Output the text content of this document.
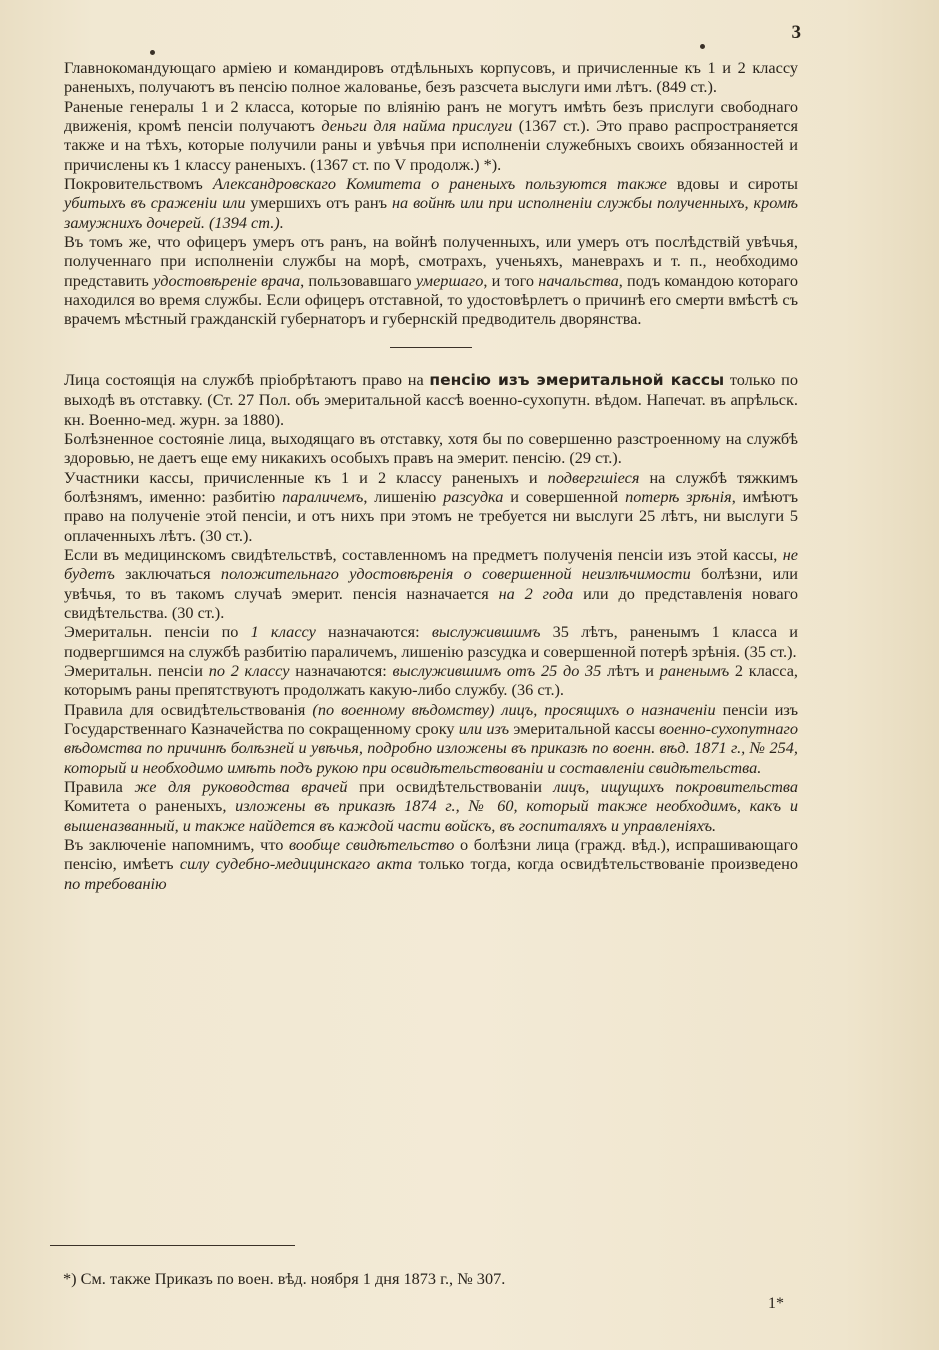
3

Главнокомандующаго арміею и командировъ отдѣльныхъ корпусовъ, и причисленные къ 1 и 2 классу раненыхъ, получаютъ въ пенсію полное жалованье, безъ разсчета выслуги ими лѣтъ. (849 ст.).

Раненые генералы 1 и 2 класса, которые по вліянію ранъ не могутъ имѣть безъ прислуги свободнаго движенія, кромѣ пенсіи получаютъ деньги для найма прислуги (1367 ст.). Это право распространяется также и на тѣхъ, которые получили раны и увѣчья при исполненіи служебныхъ своихъ обязанностей и причислены къ 1 классу раненыхъ. (1367 ст. по V продолж.) *).

Покровительствомъ Александровскаго Комитета о раненыхъ пользуются также вдовы и сироты убитыхъ въ сраженіи или умершихъ отъ ранъ на войнѣ или при исполненіи службы полученныхъ, кромѣ замужнихъ дочерей. (1394 ст.).

Въ томъ же, что офицеръ умеръ отъ ранъ, на войнѣ полученныхъ, или умеръ отъ послѣдствій увѣчья, полученнаго при исполненіи службы на морѣ, смотрахъ, ученьяхъ, маневрахъ и т. п., необходимо представить удостовѣреніе врача, пользовавшаго умершаго, и того начальства, подъ командою котораго находился во время службы. Если офицеръ отставной, то удостовѣрлетъ о причинѣ его смерти вмѣстѣ съ врачемъ мѣстный гражданскій губернаторъ и губернскій предводитель дворянства.

Лица состоящія на службѣ пріобрѣтаютъ право на пенсію изъ эмеритальной кассы только по выходѣ въ отставку. (Ст. 27 Пол. объ эмеритальной кассѣ военно-сухопутн. вѣдом. Напечат. въ апрѣльск. кн. Военно-мед. журн. за 1880).

Болѣзненное состояніе лица, выходящаго въ отставку, хотя бы по совершенно разстроенному на службѣ здоровью, не даетъ еще ему никакихъ особыхъ правъ на эмерит. пенсію. (29 ст.).

Участники кассы, причисленные къ 1 и 2 классу раненыхъ и подвергшіеся на службѣ тяжкимъ болѣзнямъ, именно: разбитію параличемъ, лишенію разсудка и совершенной потерѣ зрѣнія, имѣютъ право на полученіе этой пенсіи, и отъ нихъ при этомъ не требуется ни выслуги 25 лѣтъ, ни выслуги 5 оплаченныхъ лѣтъ. (30 ст.).

Если въ медицинскомъ свидѣтельствѣ, составленномъ на предметъ полученія пенсіи изъ этой кассы, не будетъ заключаться положительнаго удостовѣренія о совершенной неизлѣчимости болѣзни, или увѣчья, то въ такомъ случаѣ эмерит. пенсія назначается на 2 года или до представленія новаго свидѣтельства. (30 ст.).

Эмеритальн. пенсіи по 1 классу назначаются: выслужившимъ 35 лѣтъ, раненымъ 1 класса и подвергшимся на службѣ разбитію параличемъ, лишенію разсудка и совершенной потерѣ зрѣнія. (35 ст.).

Эмеритальн. пенсіи по 2 классу назначаются: выслужившимъ отъ 25 до 35 лѣтъ и раненымъ 2 класса, которымъ раны препятствуютъ продолжать какую-либо службу. (36 ст.).

Правила для освидѣтельствованія (по военному вѣдомству) лицъ, просящихъ о назначеніи пенсіи изъ Государственнаго Казначейства по сокращенному сроку или изъ эмеритальной кассы военно-сухопутнаго вѣдомства по причинѣ болѣзней и увѣчья, подробно изложены въ приказѣ по военн. вѣд. 1871 г., № 254, который и необходимо имѣть подъ рукою при освидѣтельствованіи и составленіи свидѣтельства.

Правила же для руководства врачей при освидѣтельствованіи лицъ, ищущихъ покровительства Комитета о раненыхъ, изложены въ приказѣ 1874 г., № 60, который также необходимъ, какъ и вышеназванный, и также найдется въ каждой части войскъ, въ госпиталяхъ и управленіяхъ.

Въ заключеніе напомнимъ, что вообще свидѣтельство о болѣзни лица (гражд. вѣд.), испрашивающаго пенсію, имѣетъ силу судебно-медицинскаго акта только тогда, когда освидѣтельствованіе произведено по требованію

*) См. также Приказъ по воен. вѣд. ноября 1 дня 1873 г., № 307.
1*
